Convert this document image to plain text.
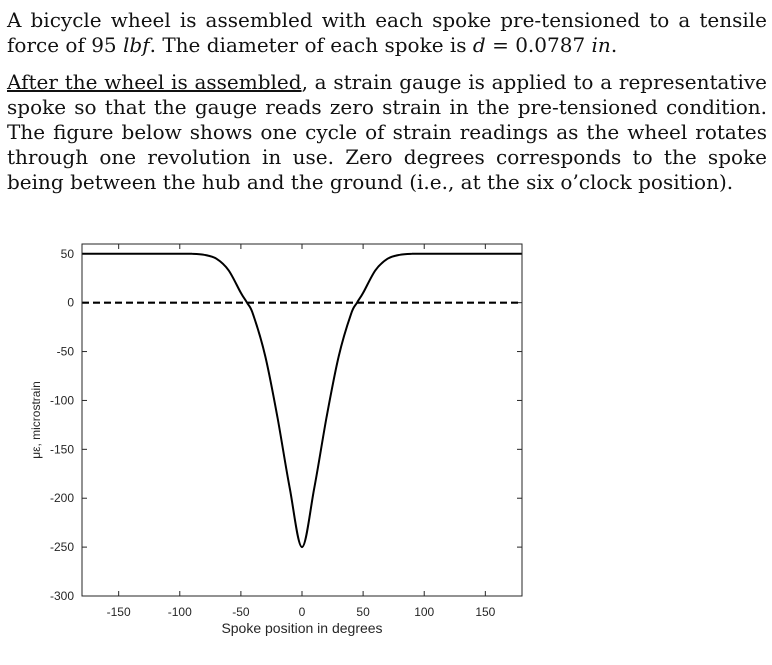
A bicycle wheel is assembled with each spoke pre-tensioned to a tensile force of 95 lbf. The diameter of each spoke is d = 0.0787 in.
After the wheel is assembled, a strain gauge is applied to a representative spoke so that the gauge reads zero strain in the pre-tensioned condition. The figure below shows one cycle of strain readings as the wheel rotates through one revolution in use. Zero degrees corresponds to the spoke being between the hub and the ground (i.e., at the six o’clock position).
-150	-100	-50	0	50	100	150
50
0
-50
-100
-150
-200
-250
-300
Spoke position in degrees
με, microstrain
